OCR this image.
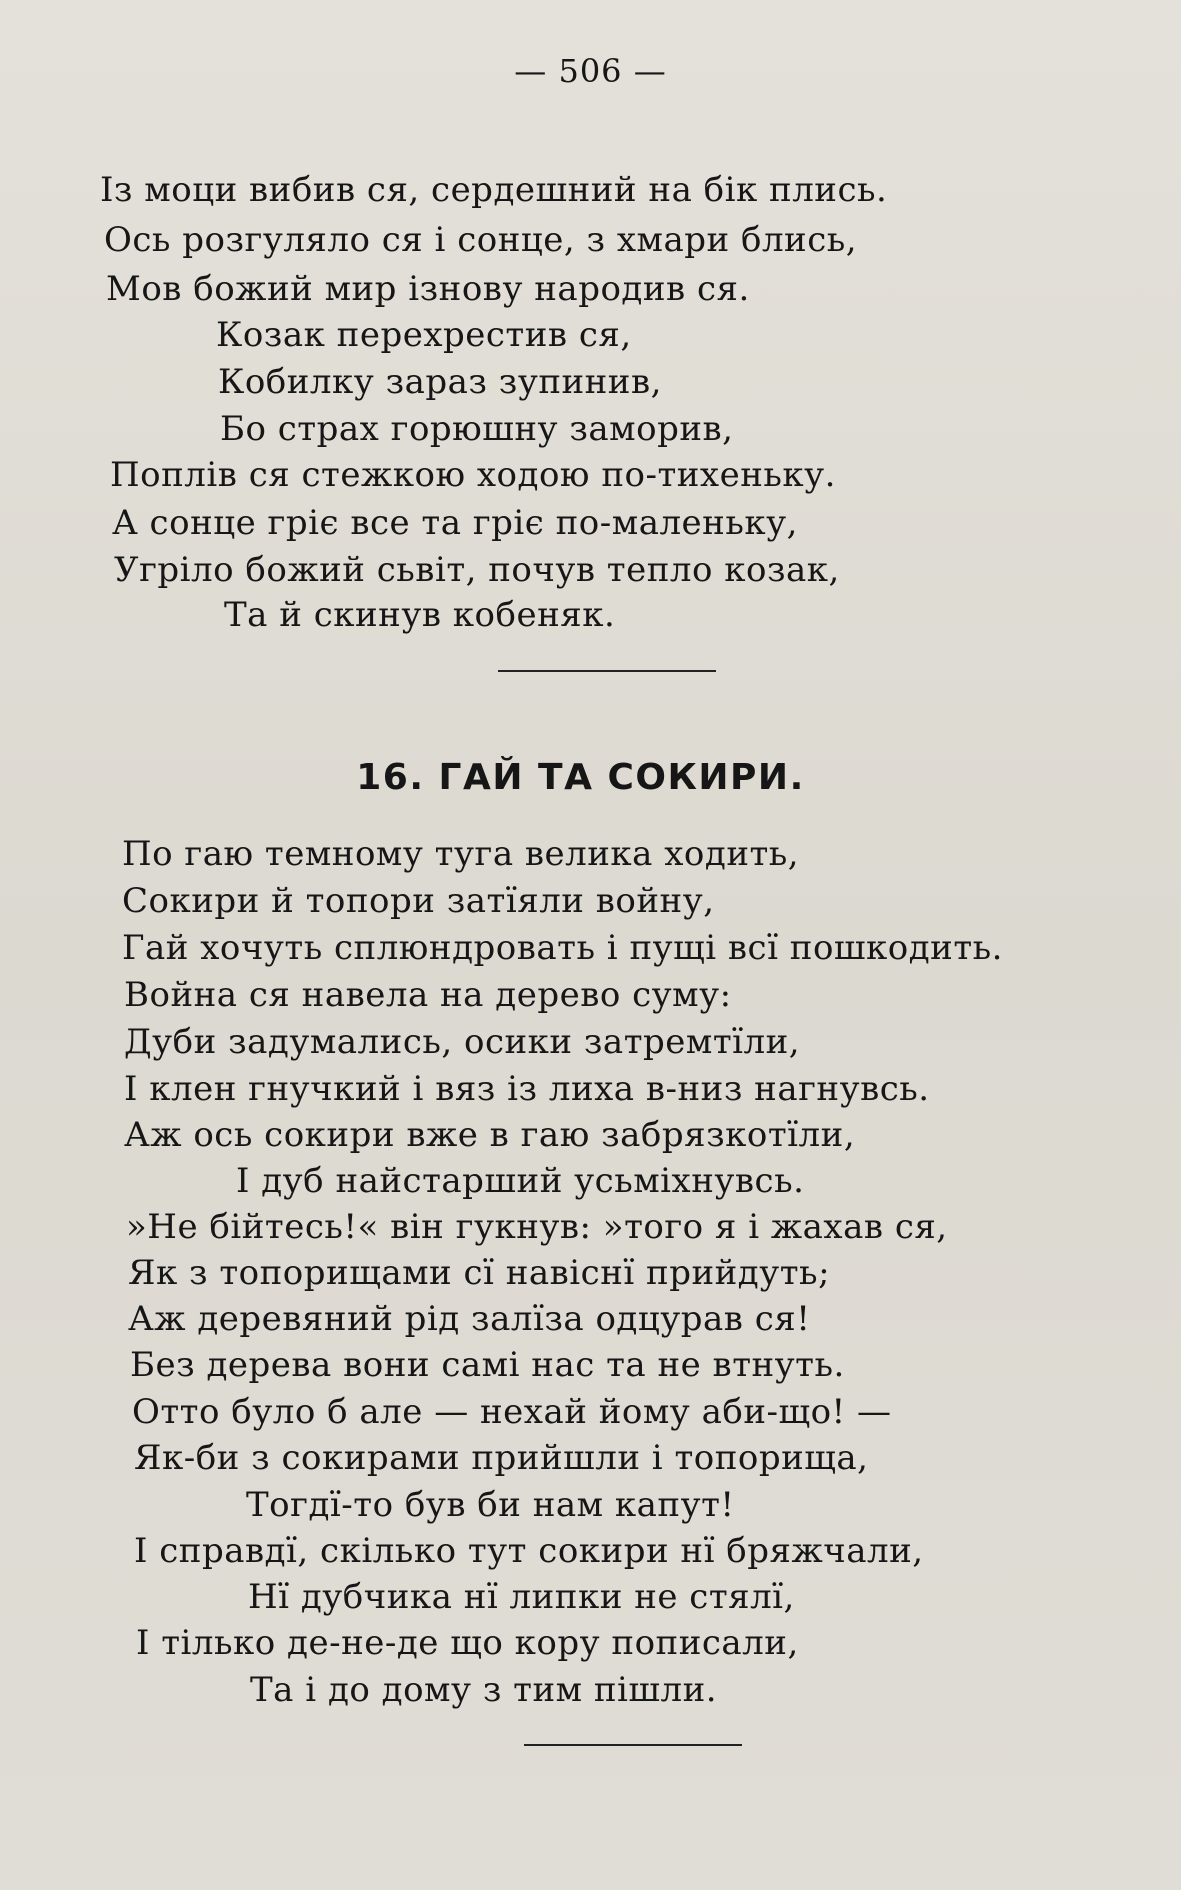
— 506 —
Із моци вибив ся, сердешний на бік плись.
Ось розгуляло ся і сонце, з хмари блись,
Мов божий мир ізнову народив ся.
Козак перехрестив ся,
Кобилку зараз зупинив,
Бо страх горюшну заморив,
Поплів ся стежкою ходою по-тихеньку.
А сонце гріє все та гріє по-маленьку,
Угріло божий сьвіт, почув тепло козак,
Та й скинув кобеняк.
16. ГАЙ ТА СОКИРИ.
По гаю темному туга велика ходить,
Сокири й топори затїяли войну,
Гай хочуть сплюндровать і пущі всї пошкодить.
Война ся навела на дерево суму:
Дуби задумались, осики затремтїли,
І клен гнучкий і вяз із лиха в-низ нагнувсь.
Аж ось сокири вже в гаю забрязкотїли,
І дуб найстарший усьміхнувсь.
»Не бійтесь!« він гукнув: »того я і жахав ся,
Як з топорищами сї навіснї прийдуть;
Аж деревяний рід залїза одцурав ся!
Без дерева вони самі нас та не втнуть.
Отто було б але — нехай йому аби-що! —
Як-би з сокирами прийшли і топорища,
Тогдї-то був би нам капут!
І справдї, скілько тут сокири нї бряжчали,
Нї дубчика нї липки не стялї,
І тілько де-не-де що кору пописали,
Та і до дому з тим пішли.
